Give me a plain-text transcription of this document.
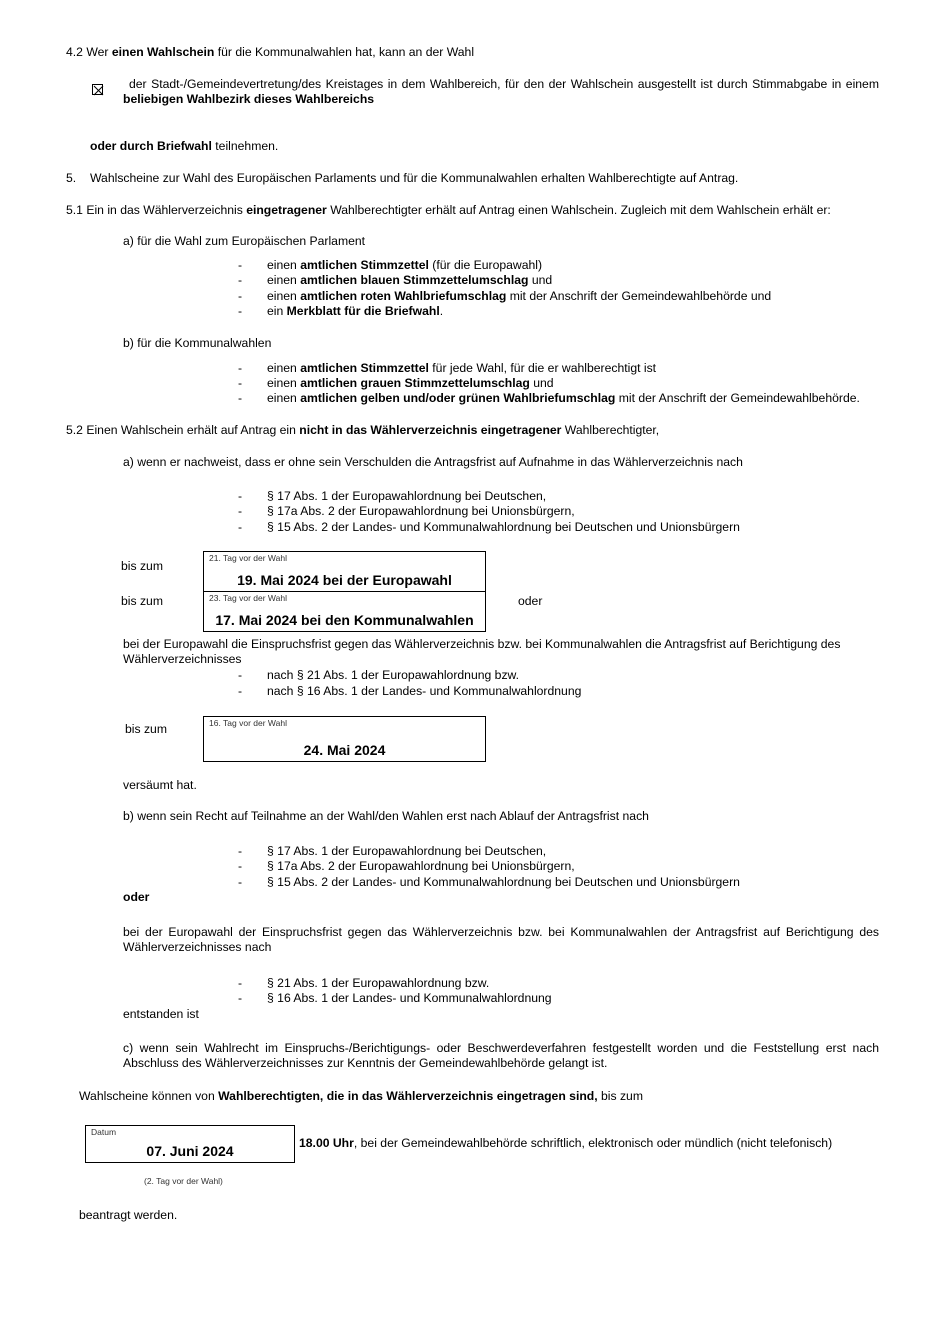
4.2 Wer einen Wahlschein für die Kommunalwahlen hat, kann an der Wahl
der Stadt-/Gemeindevertretung/des Kreistages in dem Wahlbereich, für den der Wahlschein ausgestellt ist durch Stimmabgabe in einem beliebigen Wahlbezirk dieses Wahlbereichs
oder durch Briefwahl teilnehmen.
5. Wahlscheine zur Wahl des Europäischen Parlaments und für die Kommunalwahlen erhalten Wahlberechtigte auf Antrag.
5.1 Ein in das Wählerverzeichnis eingetragener Wahlberechtigter erhält auf Antrag einen Wahlschein. Zugleich mit dem Wahlschein erhält er:
a) für die Wahl zum Europäischen Parlament
- einen amtlichen Stimmzettel (für die Europawahl)
- einen amtlichen blauen Stimmzettelumschlag und
- einen amtlichen roten Wahlbriefumschlag mit der Anschrift der Gemeindewahlbehörde und
- ein Merkblatt für die Briefwahl.
b) für die Kommunalwahlen
- einen amtlichen Stimmzettel für jede Wahl, für die er wahlberechtigt ist
- einen amtlichen grauen Stimmzettelumschlag und
- einen amtlichen gelben und/oder grünen Wahlbriefumschlag mit der Anschrift der Gemeindewahlbehörde.
5.2 Einen Wahlschein erhält auf Antrag ein nicht in das Wählerverzeichnis eingetragener Wahlberechtigter,
a) wenn er nachweist, dass er ohne sein Verschulden die Antragsfrist auf Aufnahme in das Wählerverzeichnis nach
- § 17 Abs. 1 der Europawahlordnung bei Deutschen,
- § 17a Abs. 2 der Europawahlordnung bei Unionsbürgern,
- § 15 Abs. 2 der Landes- und Kommunalwahlordnung bei Deutschen und Unionsbürgern
bis zum
21. Tag vor der Wahl
19. Mai 2024 bei der Europawahl
bis zum	23. Tag vor der Wahl
17. Mai 2024 bei den Kommunalwahlen
oder
bei der Europawahl die Einspruchsfrist gegen das Wählerverzeichnis bzw. bei Kommunalwahlen die Antragsfrist auf Berichtigung des Wählerverzeichnisses
- nach § 21 Abs. 1 der Europawahlordnung bzw.
- nach § 16 Abs. 1 der Landes- und Kommunalwahlordnung
bis zum	16. Tag vor der Wahl
24. Mai 2024
versäumt hat.
b) wenn sein Recht auf Teilnahme an der Wahl/den Wahlen erst nach Ablauf der Antragsfrist nach
- § 17 Abs. 1 der Europawahlordnung bei Deutschen,
- § 17a Abs. 2 der Europawahlordnung bei Unionsbürgern,
- § 15 Abs. 2 der Landes- und Kommunalwahlordnung bei Deutschen und Unionsbürgern
oder
bei der Europawahl der Einspruchsfrist gegen das Wählerverzeichnis bzw. bei Kommunalwahlen der Antragsfrist auf Berichtigung des Wählerverzeichnisses nach
- § 21 Abs. 1 der Europawahlordnung bzw.
- § 16 Abs. 1 der Landes- und Kommunalwahlordnung
entstanden ist
c) wenn sein Wahlrecht im Einspruchs-/Berichtigungs- oder Beschwerdeverfahren festgestellt worden und die Feststellung erst nach Abschluss des Wählerverzeichnisses zur Kenntnis der Gemeindewahlbehörde gelangt ist.
Wahlscheine können von Wahlberechtigten, die in das Wählerverzeichnis eingetragen sind, bis zum
Datum
07. Juni 2024	18.00 Uhr, bei der Gemeindewahlbehörde schriftlich, elektronisch oder mündlich (nicht telefonisch)
(2. Tag vor der Wahl)
beantragt werden.
